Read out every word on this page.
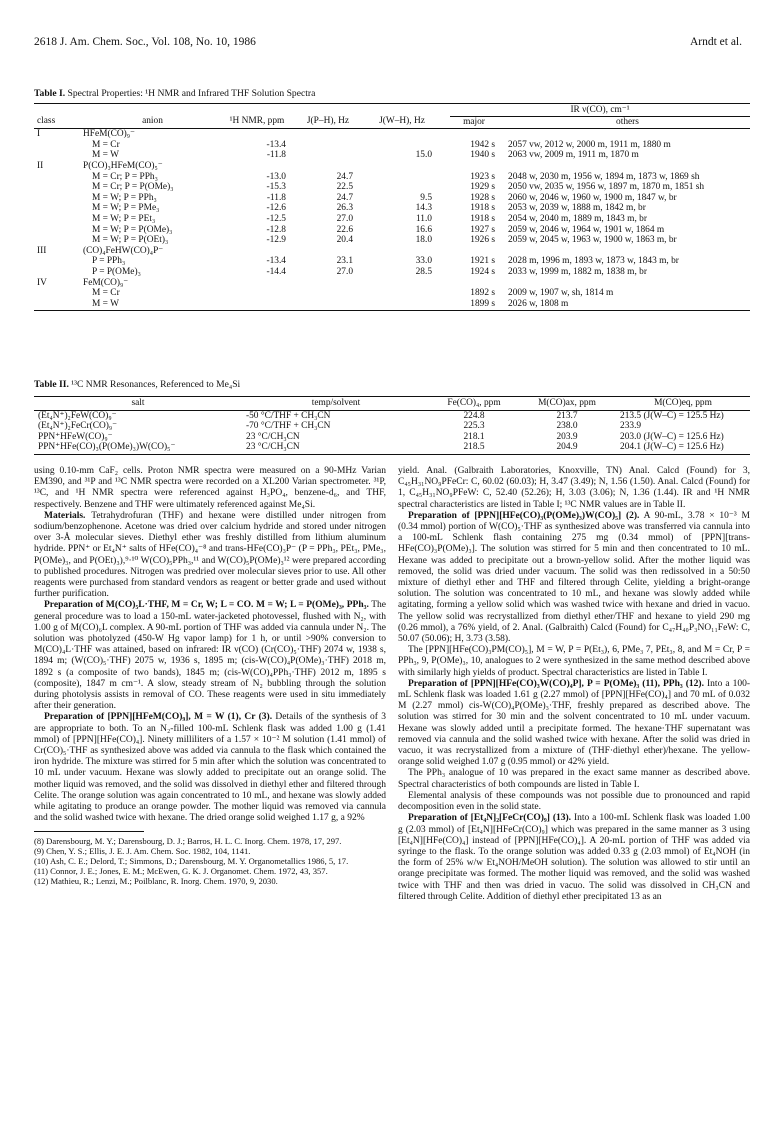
2618 J. Am. Chem. Soc., Vol. 108, No. 10, 1986	Arndt et al.
Table I. Spectral Properties: ¹H NMR and Infrared THF Solution Spectra
					IR ν(CO), cm⁻¹	
class	anion	¹H NMR, ppm	J(P–H), Hz	J(W–H), Hz	major	others
I	HFeM(CO)₉⁻					
	M = Cr	-13.4			1942 s	2057 vw, 2012 w, 2000 m, 1911 m, 1880 m
	M = W	-11.8		15.0	1940 s	2063 vw, 2009 m, 1911 m, 1870 m
II	P(CO)₃HFeM(CO)₅⁻					
	M = Cr; P = PPh₃	-13.0	24.7		1923 s	2048 w, 2030 m, 1956 w, 1894 m, 1873 w, 1869 sh
	M = Cr; P = P(OMe)₃	-15.3	22.5		1929 s	2050 vw, 2035 w, 1956 w, 1897 m, 1870 m, 1851 sh
	M = W; P = PPh₃	-11.8	24.7	9.5	1928 s	2060 w, 2046 w, 1960 w, 1900 m, 1847 w, br
	M = W; P = PMe₃	-12.6	26.3	14.3	1918 s	2053 w, 2039 w, 1888 m, 1842 m, br
	M = W; P = PEt₃	-12.5	27.0	11.0	1918 s	2054 w, 2040 m, 1889 m, 1843 m, br
	M = W; P = P(OMe)₃	-12.8	22.6	16.6	1927 s	2059 w, 2046 w, 1964 w, 1901 w, 1864 m
	M = W; P = P(OEt)₃	-12.9	20.4	18.0	1926 s	2059 w, 2045 w, 1963 w, 1900 w, 1863 m, br
III	(CO)₄FeHW(CO)₄P⁻					
	P = PPh₃	-13.4	23.1	33.0	1921 s	2028 m, 1996 m, 1893 w, 1873 w, 1843 m, br
	P = P(OMe)₃	-14.4	27.0	28.5	1924 s	2033 w, 1999 m, 1882 m, 1838 m, br
IV	FeM(CO)₉⁻					
	M = Cr				1892 s	2009 w, 1907 w, sh, 1814 m
	M = W				1899 s	2026 w, 1808 m
Table II. ¹³C NMR Resonances, Referenced to Me₄Si
salt	temp/solvent	Fe(CO)₄, ppm	M(CO)ax, ppm	M(CO)eq, ppm
(Et₄N⁺)₂FeW(CO)₉⁻	-50 °C/THF + CH₃CN	224.8	213.7	213.5 (J(W–C) = 125.5 Hz)
(Et₄N⁺)₂FeCr(CO)₉⁻	-70 °C/THF + CH₃CN	225.3	238.0	233.9
PPN⁺HFeW(CO)₉⁻	23 °C/CH₃CN	218.1	203.9	203.0 (J(W–C) = 125.6 Hz)
PPN⁺HFe(CO)₃(P(OMe)₃)W(CO)₅⁻	23 °C/CH₃CN	218.5	204.9	204.1 (J(W–C) = 125.6 Hz)

using 0.10-mm CaF₂ cells. Proton NMR spectra were measured on a 90-MHz Varian EM390, and ³¹P and ¹³C NMR spectra were recorded on a XL200 Varian spectrometer. ³¹P, ¹³C, and ¹H NMR spectra were referenced against H₃PO₄, benzene-d₆, and THF, respectively. Benzene and THF were ultimately referenced against Me₄Si.

Materials. Tetrahydrofuran (THF) and hexane were distilled under nitrogen from sodium/benzophenone. Acetone was dried over calcium hydride and stored under nitrogen over 3-Å molecular sieves. Diethyl ether was freshly distilled from lithium aluminum hydride. PPN⁺ or Et₄N⁺ salts of HFe(CO)₄⁻⁸ and trans-HFe(CO)₃P⁻ (P = PPh₃, PEt₃, PMe₃, P(OMe)₃, and P(OEt)₃),⁹·¹⁰ W(CO)₅PPh₃,¹¹ and W(CO)₅P(OMe)₃¹² were prepared according to published procedures. Nitrogen was predried over molecular sieves prior to use. All other reagents were purchased from standard vendors as reagent or better grade and used without further purification.

Preparation of M(CO)₅L·THF, M = Cr, W; L = CO. M = W; L = P(OMe)₃, PPh₃. The general procedure was to load a 150-mL water-jacketed photovessel, flushed with N₂, with 1.00 g of M(CO)₆L complex. A 90-mL portion of THF was added via cannula under N₂. The solution was photolyzed (450-W Hg vapor lamp) for 1 h, or until >90% conversion to M(CO)₄L·THF was attained, based on infrared: IR ν(CO) (Cr(CO)₅·THF) 2074 w, 1938 s, 1894 m; (W(CO)₅·THF) 2075 w, 1936 s, 1895 m; (cis-W(CO)₄P(OMe)₃·THF) 2018 m, 1892 s (a composite of two bands), 1845 m; (cis-W(CO)₄PPh₃·THF) 2012 m, 1895 s (composite), 1847 m cm⁻¹. A slow, steady stream of N₂ bubbling through the solution during photolysis assists in removal of CO. These reagents were used in situ immediately after their generation.

Preparation of [PPN][HFeM(CO)₉], M = W (1), Cr (3). Details of the synthesis of 3 are appropriate to both. To an N₂-filled 100-mL Schlenk flask was added 1.00 g (1.41 mmol) of [PPN][HFe(CO)₄]. Ninety milliliters of a 1.57 × 10⁻² M solution (1.41 mmol) of Cr(CO)₅·THF as synthesized above was added via cannula to the flask which contained the iron hydride. The mixture was stirred for 5 min after which the solution was concentrated to 10 mL under vacuum. Hexane was slowly added to precipitate out an orange solid. The mother liquid was removed, and the solid was dissolved in diethyl ether and filtered through Celite. The orange solution was again concentrated to 10 mL, and hexane was slowly added while agitating to produce an orange powder. The mother liquid was removed via cannula and the solid washed twice with hexane. The dried orange solid weighed 1.17 g, a 92%

(8) Darensbourg, M. Y.; Darensbourg, D. J.; Barros, H. L. C. Inorg. Chem. 1978, 17, 297.

(9) Chen, Y. S.; Ellis, J. E. J. Am. Chem. Soc. 1982, 104, 1141.

(10) Ash, C. E.; Delord, T.; Simmons, D.; Darensbourg, M. Y. Organometallics 1986, 5, 17.

(11) Connor, J. E.; Jones, E. M.; McEwen, G. K. J. Organomet. Chem. 1972, 43, 357.

(12) Mathieu, R.; Lenzi, M.; Poilblanc, R. Inorg. Chem. 1970, 9, 2030.

yield. Anal. (Galbraith Laboratories, Knoxville, TN) Anal. Calcd (Found) for 3, C₄₅H₃₁NO₉PFeCr: C, 60.02 (60.03); H, 3.47 (3.49); N, 1.56 (1.50). Anal. Calcd (Found) for 1, C₄₅H₃₁NO₉PFeW: C, 52.40 (52.26); H, 3.03 (3.06); N, 1.36 (1.44). IR and ¹H NMR spectral characteristics are listed in Table I; ¹³C NMR values are in Table II.

Preparation of [PPN][HFe(CO)₃(P(OMe)₃)W(CO)₅] (2). A 90-mL, 3.78 × 10⁻³ M (0.34 mmol) portion of W(CO)₅·THF as synthesized above was transferred via cannula into a 100-mL Schlenk flash containing 275 mg (0.34 mmol) of [PPN][trans-HFe(CO)₃P(OMe)₃]. The solution was stirred for 5 min and then concentrated to 10 mL. Hexane was added to precipitate out a brown-yellow solid. After the mother liquid was removed, the solid was dried under vacuum. The solid was then redissolved in a 50:50 mixture of diethyl ether and THF and filtered through Celite, yielding a bright-orange solution. The solution was concentrated to 10 mL, and hexane was slowly added while agitating, forming a yellow solid which was washed twice with hexane and dried in vacuo. The yellow solid was recrystallized from diethyl ether/THF and hexane to yield 290 mg (0.26 mmol), a 76% yield, of 2. Anal. (Galbraith) Calcd (Found) for C₄₇H₄₀P₃NO₁₁FeW: C, 50.07 (50.06); H, 3.73 (3.58).

The [PPN][HFe(CO)₃PM(CO)₅], M = W, P = P(Et₃), 6, PMe₃ 7, PEt₃, 8, and M = Cr, P = PPh₃, 9, P(OMe)₃, 10, analogues to 2 were synthesized in the same method described above with similarly high yields of product. Spectral characteristics are listed in Table I.

Preparation of [PPN][HFe(CO)₃W(CO)₄P], P = P(OMe)₃ (11), PPh₃ (12). Into a 100-mL Schlenk flask was loaded 1.61 g (2.27 mmol) of [PPN][HFe(CO)₄] and 70 mL of 0.032 M (2.27 mmol) cis-W(CO)₄P(OMe)₃·THF, freshly prepared as described above. The solution was stirred for 30 min and the solvent concentrated to 10 mL under vacuum. Hexane was slowly added until a precipitate formed. The hexane·THF supernatant was removed via cannula and the solid washed twice with hexane. After the solid was dried in vacuo, it was recrystallized from a mixture of (THF·diethyl ether)/hexane. The yellow-orange solid weighed 1.07 g (0.95 mmol) or 42% yield.

The PPh₃ analogue of 10 was prepared in the exact same manner as described above. Spectral characteristics of both compounds are listed in Table I.

Elemental analysis of these compounds was not possible due to pronounced and rapid decomposition even in the solid state.

Preparation of [Et₄N]₂[FeCr(CO)₉] (13). Into a 100-mL Schlenk flask was loaded 1.00 g (2.03 mmol) of [Et₄N][HFeCr(CO)₉] which was prepared in the same manner as 3 using [Et₄N][HFe(CO)₄] instead of [PPN][HFe(CO)₄]. A 20-mL portion of THF was added via syringe to the flask. To the orange solution was added 0.33 g (2.03 mmol) of Et₄NOH (in the form of 25% w/w Et₄NOH/MeOH solution). The solution was allowed to stir until an orange precipitate was formed. The mother liquid was removed, and the solid was washed twice with THF and then was dried in vacuo. The solid was dissolved in CH₃CN and filtered through Celite. Addition of diethyl ether precipitated 13 as an
